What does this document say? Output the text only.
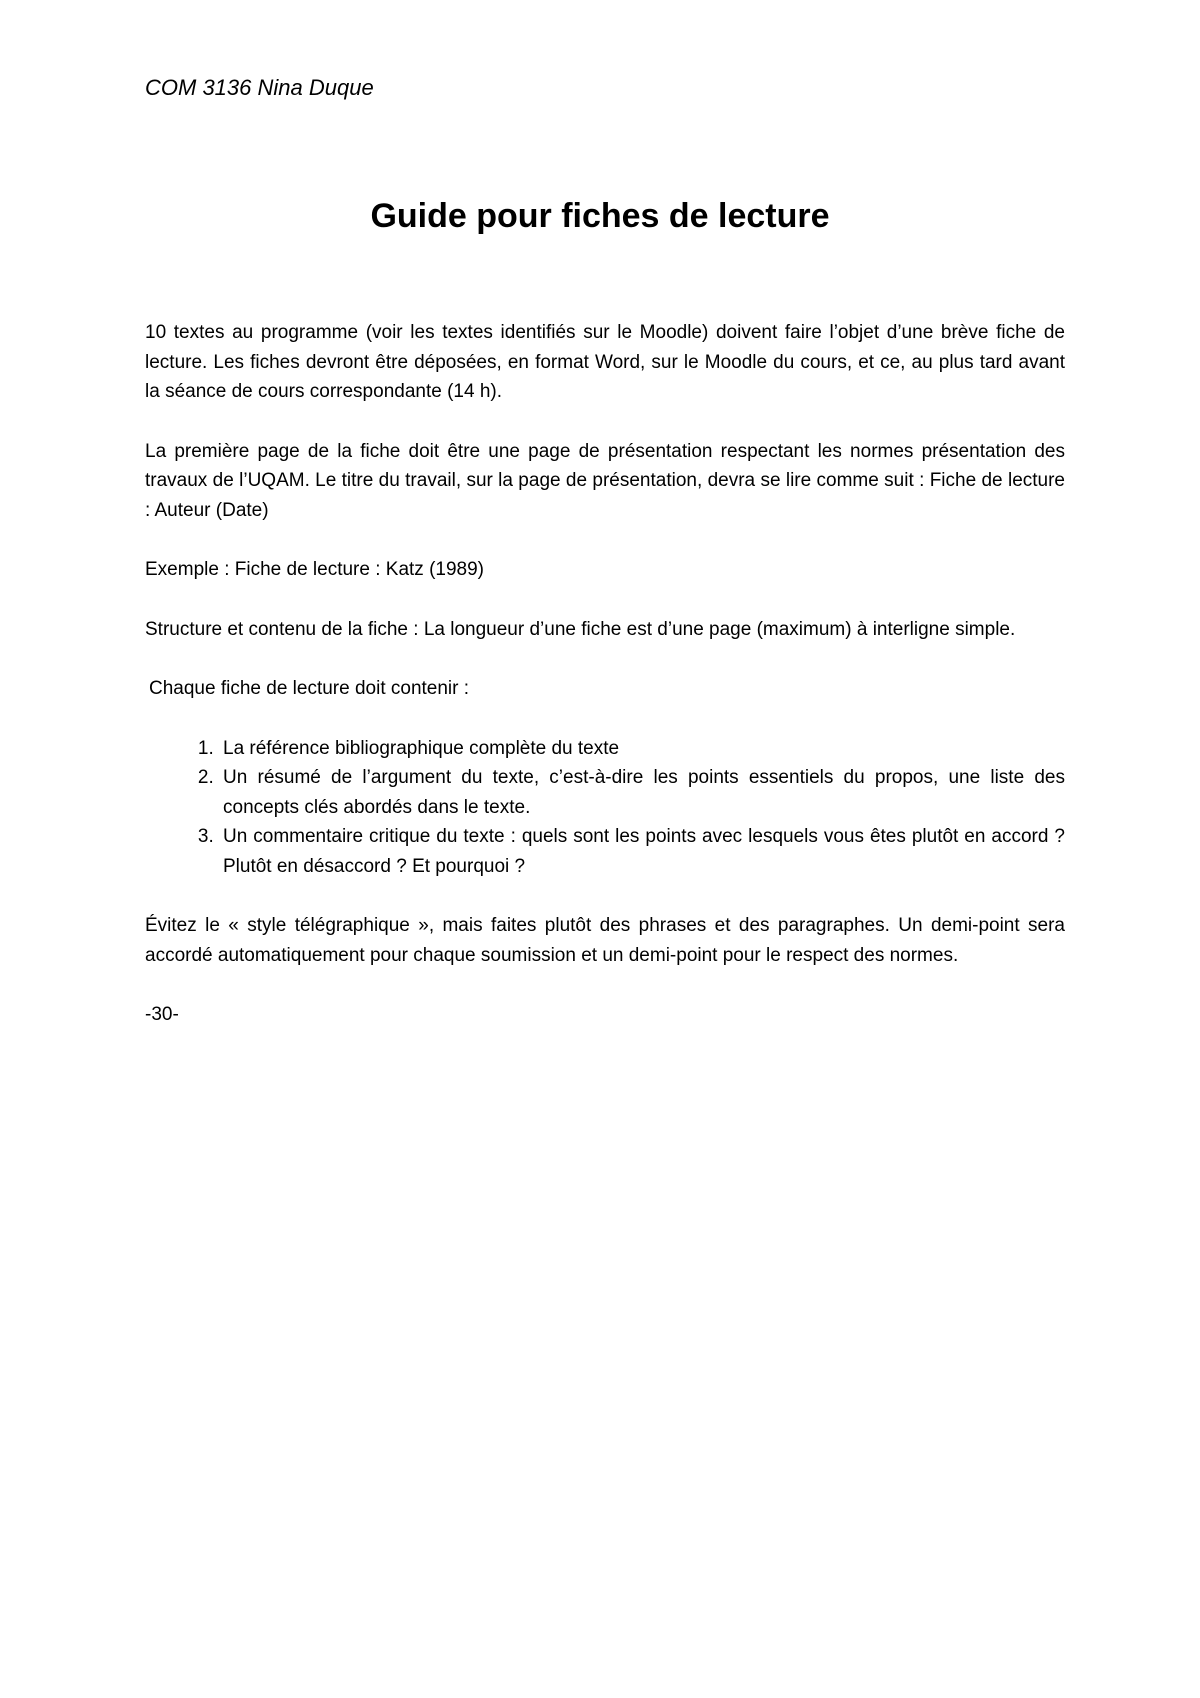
COM 3136 Nina Duque
Guide pour fiches de lecture

10 textes au programme (voir les textes identifiés sur le Moodle) doivent faire l’objet d’une brève fiche de lecture. Les fiches devront être déposées, en format Word, sur le Moodle du cours, et ce, au plus tard avant la séance de cours correspondante (14 h).

La première page de la fiche doit être une page de présentation respectant les normes présentation des travaux de l’UQAM. Le titre du travail, sur la page de présentation, devra se lire comme suit : Fiche de lecture : Auteur (Date)

Exemple : Fiche de lecture : Katz (1989)

Structure et contenu de la fiche : La longueur d’une fiche est d’une page (maximum) à interligne simple.

Chaque fiche de lecture doit contenir :

1. La référence bibliographique complète du texte
2. Un résumé de l’argument du texte, c’est-à-dire les points essentiels du propos, une liste des concepts clés abordés dans le texte.
3. Un commentaire critique du texte : quels sont les points avec lesquels vous êtes plutôt en accord ? Plutôt en désaccord ? Et pourquoi ?

Évitez le « style télégraphique », mais faites plutôt des phrases et des paragraphes. Un demi-point sera accordé automatiquement pour chaque soumission et un demi-point pour le respect des normes.

-30-
